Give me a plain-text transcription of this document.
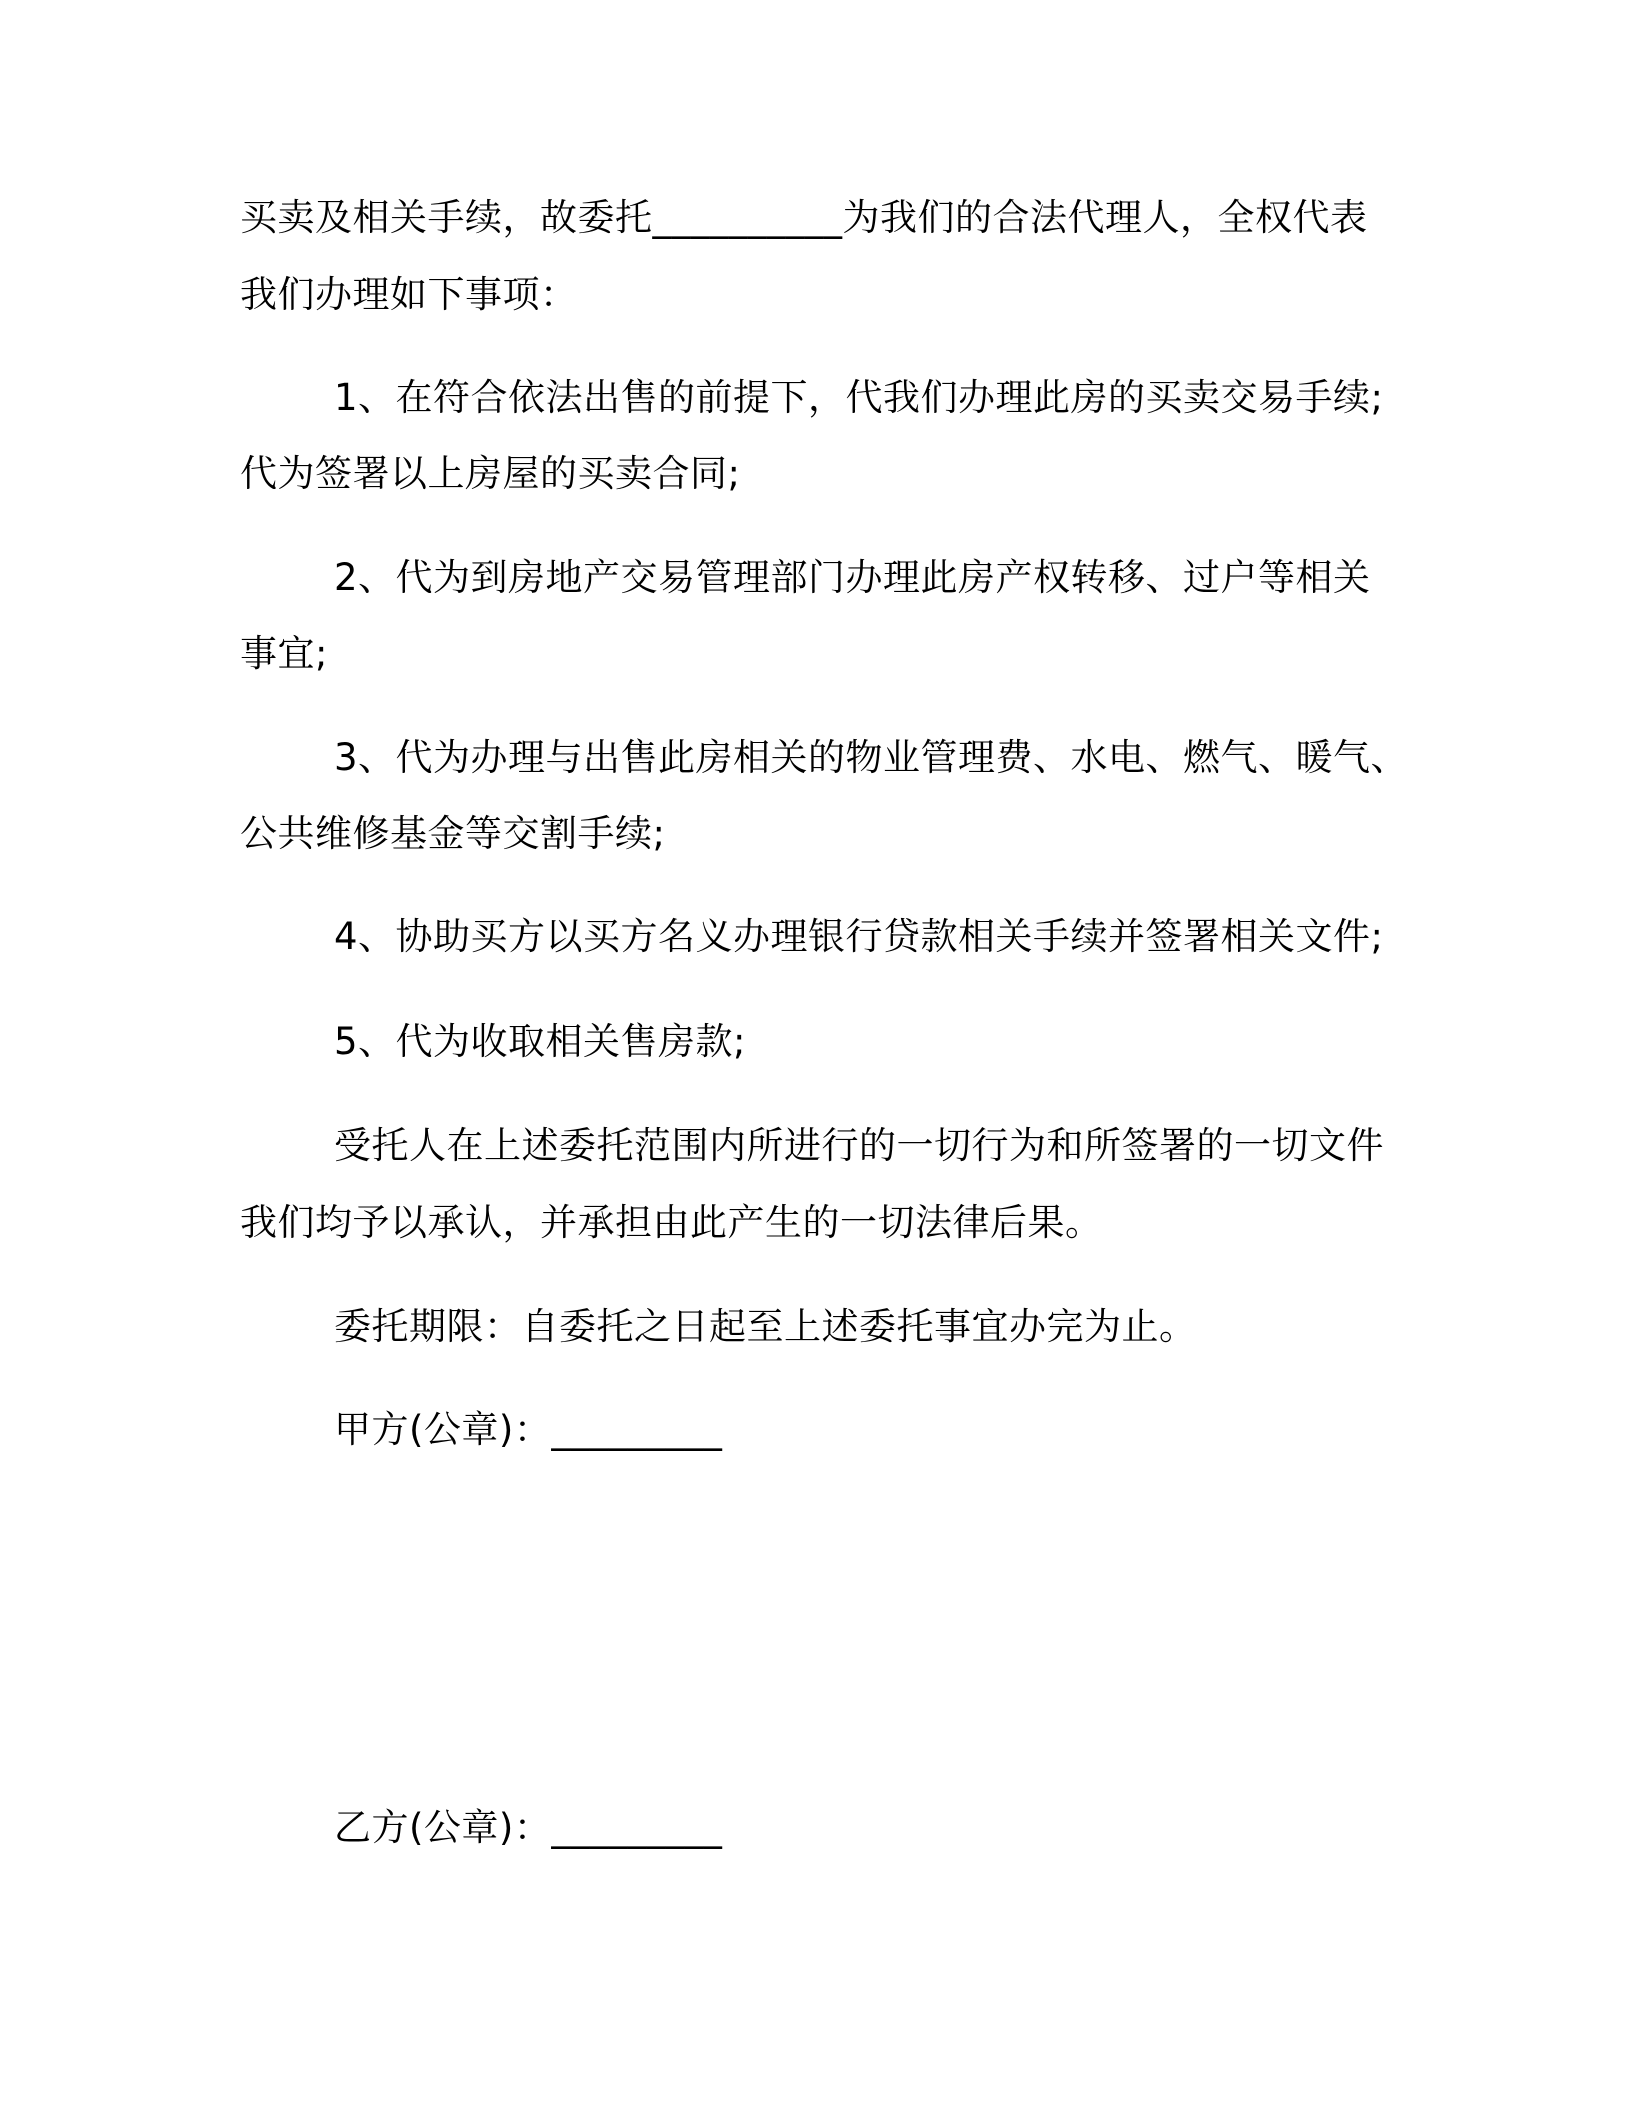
买卖及相关手续，故委托__________为我们的合法代理人，全权代表
我们办理如下事项：
1、在符合依法出售的前提下，代我们办理此房的买卖交易手续;
代为签署以上房屋的买卖合同;
2、代为到房地产交易管理部门办理此房产权转移、过户等相关
事宜;
3、代为办理与出售此房相关的物业管理费、水电、燃气、暖气、
公共维修基金等交割手续;
4、协助买方以买方名义办理银行贷款相关手续并签署相关文件;
5、代为收取相关售房款;
受托人在上述委托范围内所进行的一切行为和所签署的一切文件
我们均予以承认，并承担由此产生的一切法律后果。
委托期限：自委托之日起至上述委托事宜办完为止。
甲方(公章)：_________
乙方(公章)：_________
